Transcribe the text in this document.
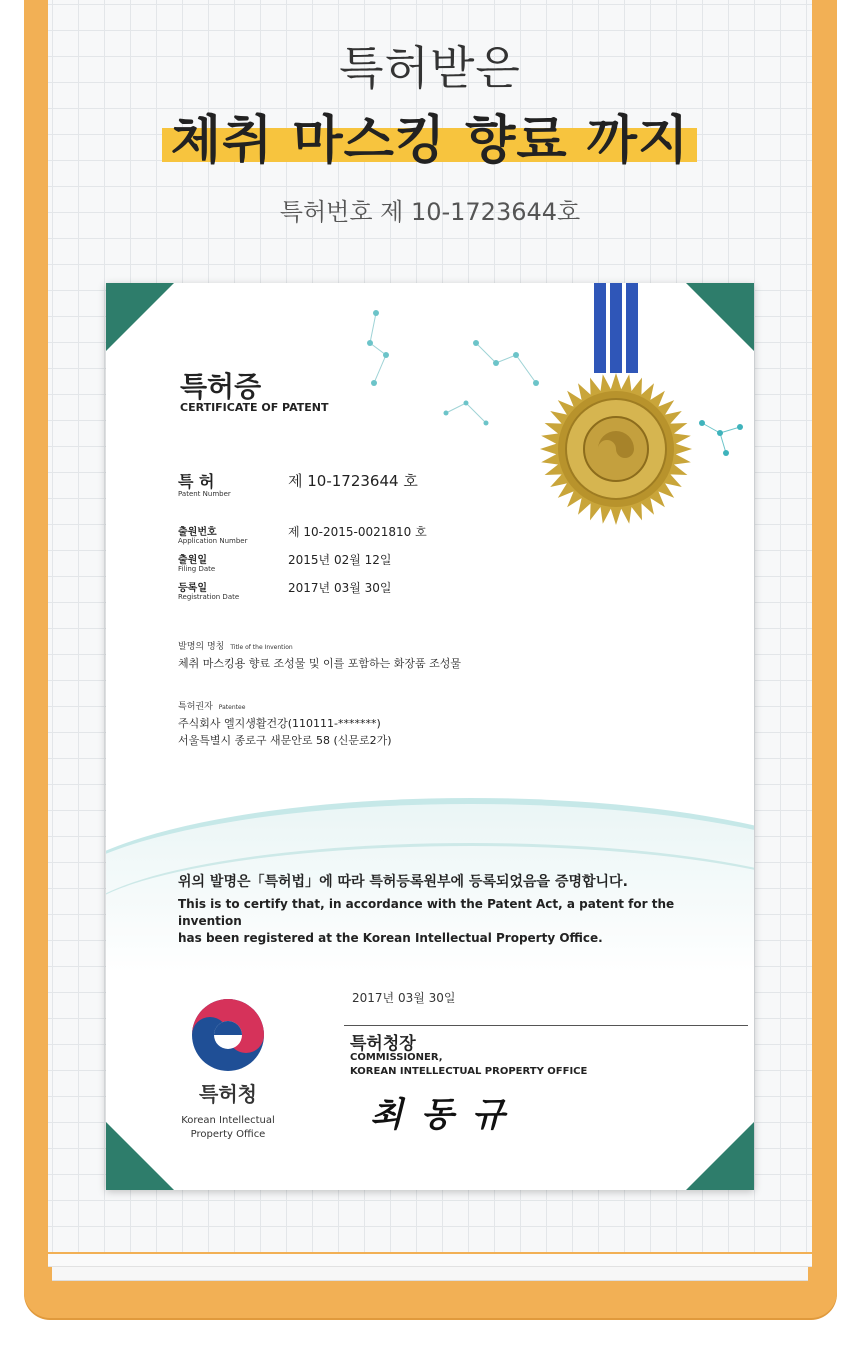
특허받은
체취 마스킹 향료 까지
특허번호 제 10-1723644호
특허증
CERTIFICATE OF PATENT
특 허
Patent Number
제 10-1723644 호
출원번호
Application Number
제 10-2015-0021810 호
출원일
Filing Date
2015년 02월 12일
등록일
Registration Date
2017년 03월 30일
발명의 명칭 Title of the Invention
체취 마스킹용 향료 조성물 및 이를 포함하는 화장품 조성물
특허권자 Patentee
주식회사 엘지생활건강(110111-*******)
서울특별시 종로구 새문안로 58 (신문로2가)
위의 발명은「특허법」에 따라 특허등록원부에 등록되었음을 증명합니다.
This is to certify that, in accordance with the Patent Act, a patent for the invention
has been registered at the Korean Intellectual Property Office.
2017년 03월 30일
특허청장
COMMISSIONER,
KOREAN INTELLECTUAL PROPERTY OFFICE
최동규
특허청
Korean Intellectual
Property Office
